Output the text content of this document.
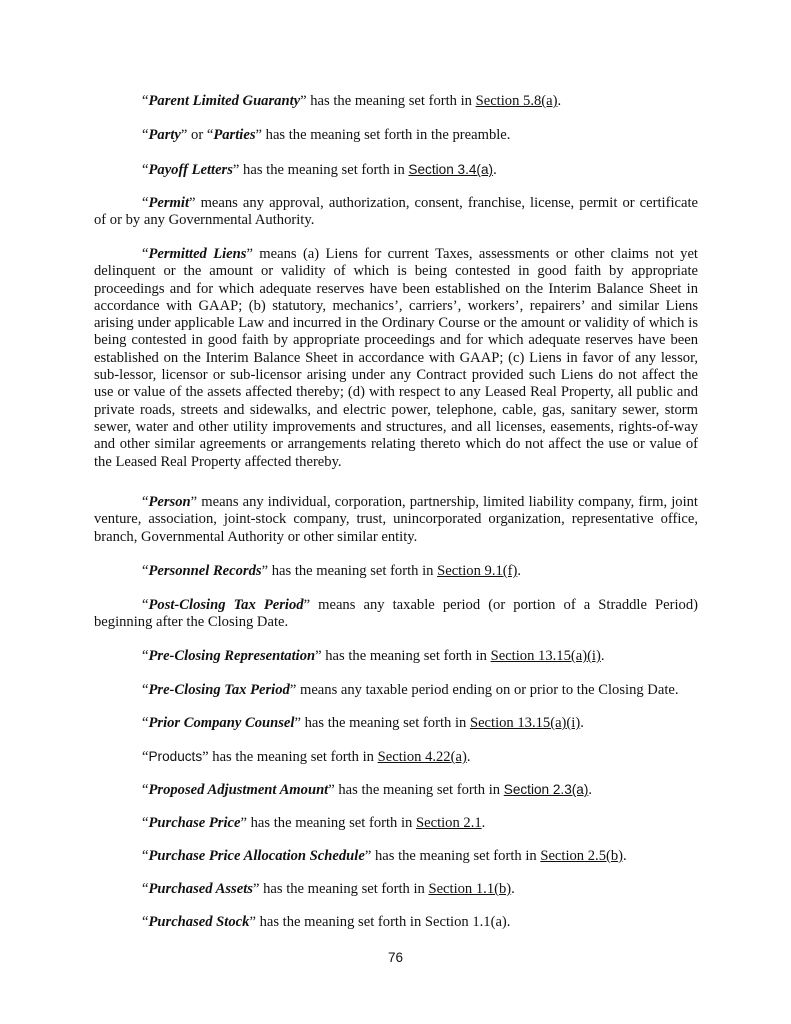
“Parent Limited Guaranty” has the meaning set forth in Section 5.8(a).

“Party” or “Parties” has the meaning set forth in the preamble.

“Payoff Letters” has the meaning set forth in Section 3.4(a).

“Permit” means any approval, authorization, consent, franchise, license, permit or certificate of or by any Governmental Authority.

“Permitted Liens” means (a) Liens for current Taxes, assessments or other claims not yet delinquent or the amount or validity of which is being contested in good faith by appropriate proceedings and for which adequate reserves have been established on the Interim Balance Sheet in accordance with GAAP; (b) statutory, mechanics’, carriers’, workers’, repairers’ and similar Liens arising under applicable Law and incurred in the Ordinary Course or the amount or validity of which is being contested in good faith by appropriate proceedings and for which adequate reserves have been established on the Interim Balance Sheet in accordance with GAAP; (c) Liens in favor of any lessor, sub-lessor, licensor or sub-licensor arising under any Contract provided such Liens do not affect the use or value of the assets affected thereby; (d) with respect to any Leased Real Property, all public and private roads, streets and sidewalks, and electric power, telephone, cable, gas, sanitary sewer, storm sewer, water and other utility improvements and structures, and all licenses, easements, rights-of-way and other similar agreements or arrangements relating thereto which do not affect the use or value of the Leased Real Property affected thereby.

“Person” means any individual, corporation, partnership, limited liability company, firm, joint venture, association, joint-stock company, trust, unincorporated organization, representative office, branch, Governmental Authority or other similar entity.

“Personnel Records” has the meaning set forth in Section 9.1(f).

“Post-Closing Tax Period” means any taxable period (or portion of a Straddle Period) beginning after the Closing Date.

“Pre-Closing Representation” has the meaning set forth in Section 13.15(a)(i).

“Pre-Closing Tax Period” means any taxable period ending on or prior to the Closing Date.

“Prior Company Counsel” has the meaning set forth in Section 13.15(a)(i).

“Products” has the meaning set forth in Section 4.22(a).

“Proposed Adjustment Amount” has the meaning set forth in Section 2.3(a).

“Purchase Price” has the meaning set forth in Section 2.1.

“Purchase Price Allocation Schedule” has the meaning set forth in Section 2.5(b).

“Purchased Assets” has the meaning set forth in Section 1.1(b).

“Purchased Stock” has the meaning set forth in Section 1.1(a).

76
